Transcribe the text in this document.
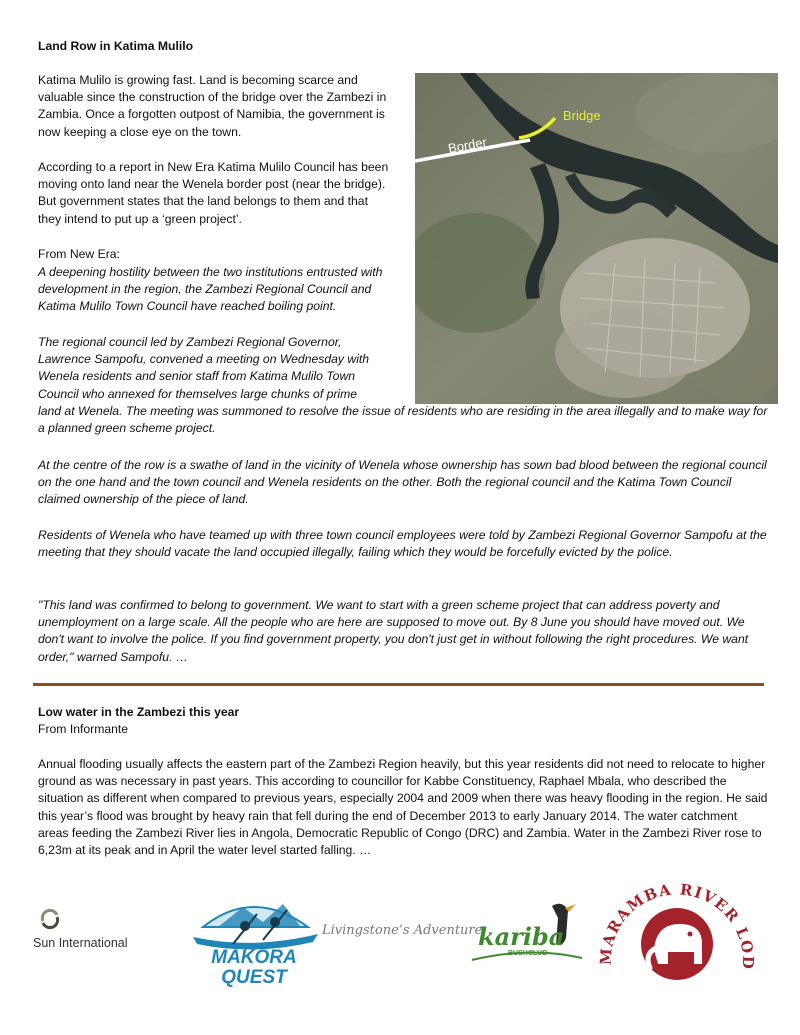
Land Row in Katima Mulilo
Katima Mulilo is growing fast. Land is becoming scarce and valuable since the construction of the bridge over the Zambezi in Zambia. Once a forgotten outpost of Namibia, the government is now keeping a close eye on the town.
According to a report in New Era Katima Mulilo Council has been moving onto land near the Wenela border post (near the bridge). But government states that the land belongs to them and that they intend to put up a ‘green project’.
From New Era:
A deepening hostility between the two institutions entrusted with development in the region, the Zambezi Regional Council and Katima Mulilo Town Council have reached boiling point.
The regional council led by Zambezi Regional Governor, Lawrence Sampofu, convened a meeting on Wednesday with Wenela residents and senior staff from Katima Mulilo Town Council who annexed for themselves large chunks of prime
land at Wenela. The meeting was summoned to resolve the issue of residents who are residing in the area illegally and to make way for a planned green scheme project.
At the centre of the row is a swathe of land in the vicinity of Wenela whose ownership has sown bad blood between the regional council on the one hand and the town council and Wenela residents on the other. Both the regional council and the Katima Town Council claimed ownership of the piece of land.
Residents of Wenela who have teamed up with three town council employees were told by Zambezi Regional Governor Sampofu at the meeting that they should vacate the land occupied illegally, failing which they would be forcefully evicted by the police.
"This land was confirmed to belong to government. We want to start with a green scheme project that can address poverty and unemployment on a large scale. All the people who are here are supposed to move out. By 8 June you should have moved out. We don't want to involve the police. If you find government property, you don't just get in without following the right procedures. We want order," warned Sampofu. …
Bridge
Border
Low water in the Zambezi this year
From Informante
Annual flooding usually affects the eastern part of the Zambezi Region heavily, but this year residents did not need to relocate to higher ground as was necessary in past years. This according to councillor for Kabbe Constituency, Raphael Mbala, who described the situation as different when compared to previous years, especially 2004 and 2009 when there was heavy flooding in the region. He said this year’s flood was brought by heavy rain that fell during the end of December 2013 to early January 2014. The water catchment areas feeding the Zambezi River lies in Angola, Democratic Republic of Congo (DRC) and Zambia. Water in the Zambezi River rose to 6,23m at its peak and in April the water level started falling. …
Sun International
MAKORA
QUEST
Livingstone’s Adventure
kariba
BUSHCLUB	MARAMBA RIVER LOD
